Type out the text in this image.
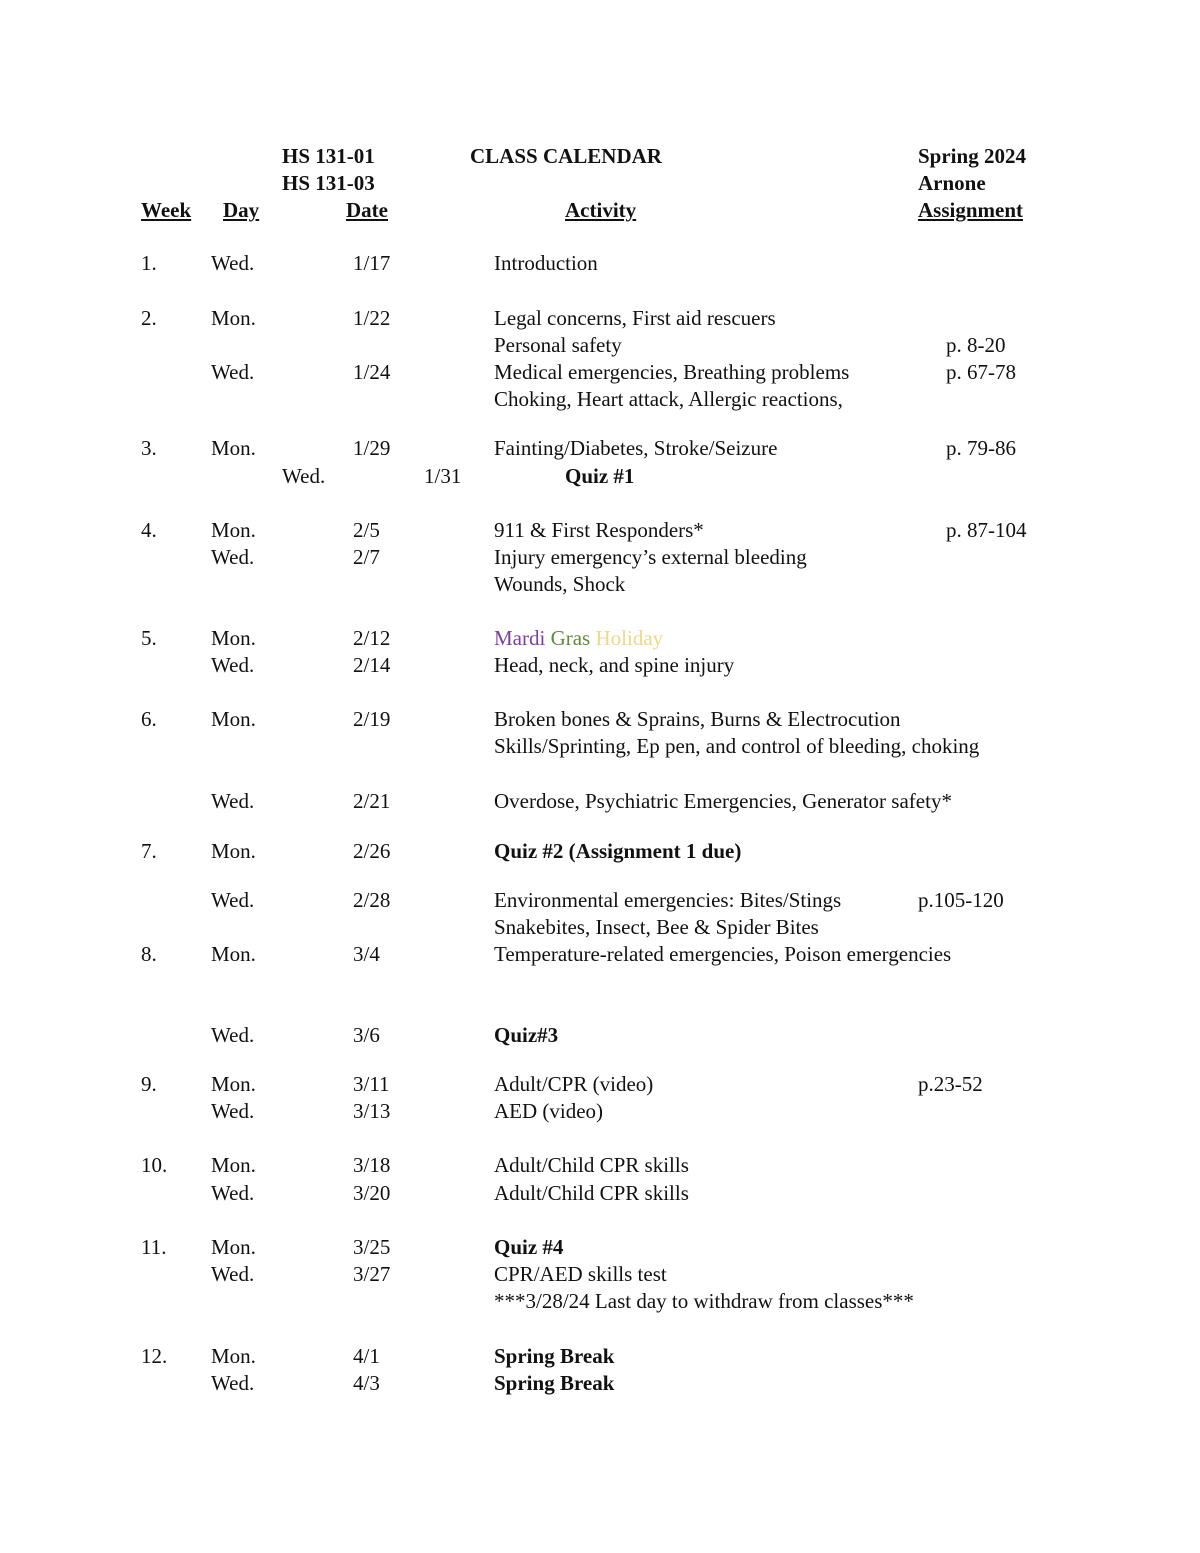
HS 131-01
HS 131-03
CLASS CALENDAR	Spring 2024
Arnone
Week Day	Date	Activity	Assignment
1.	Wed.	1/17	Introduction
2.	Mon.	1/22	Legal concerns, First aid rescuers
Personal safety	p. 8-20
Wed.	1/24	Medical emergencies, Breathing problems	p. 67-78
Choking, Heart attack, Allergic reactions,
3.	Mon.	1/29	Fainting/Diabetes, Stroke/Seizure	p. 79-86
Wed.	1/31	Quiz #1
4.	Mon.	2/5	911 & First Responders*	p. 87-104
Wed.	2/7	Injury emergency’s external bleeding
Wounds, Shock
5.	Mon.	2/12	Mardi Gras Holiday
Wed.	2/14	Head, neck, and spine injury
6.	Mon.	2/19	Broken bones & Sprains, Burns & Electrocution
Skills/Sprinting, Ep pen, and control of bleeding, choking
Wed.	2/21	Overdose, Psychiatric Emergencies, Generator safety*
7.	Mon.	2/26	Quiz #2 (Assignment 1 due)
Wed.	2/28	Environmental emergencies: Bites/Stings	p.105-120
Snakebites, Insect, Bee & Spider Bites
8.	Mon.	3/4	Temperature-related emergencies, Poison emergencies
Wed.	3/6	Quiz#3
9.	Mon.	3/11	Adult/CPR (video)	p.23-52
Wed.	3/13	AED (video)
10. Mon.	3/18	Adult/Child CPR skills
Wed.	3/20	Adult/Child CPR skills
11. Mon.	3/25	Quiz #4
Wed.	3/27	CPR/AED skills test
***3/28/24 Last day to withdraw from classes***
12. Mon.	4/1	Spring Break
Wed.	4/3	Spring Break
